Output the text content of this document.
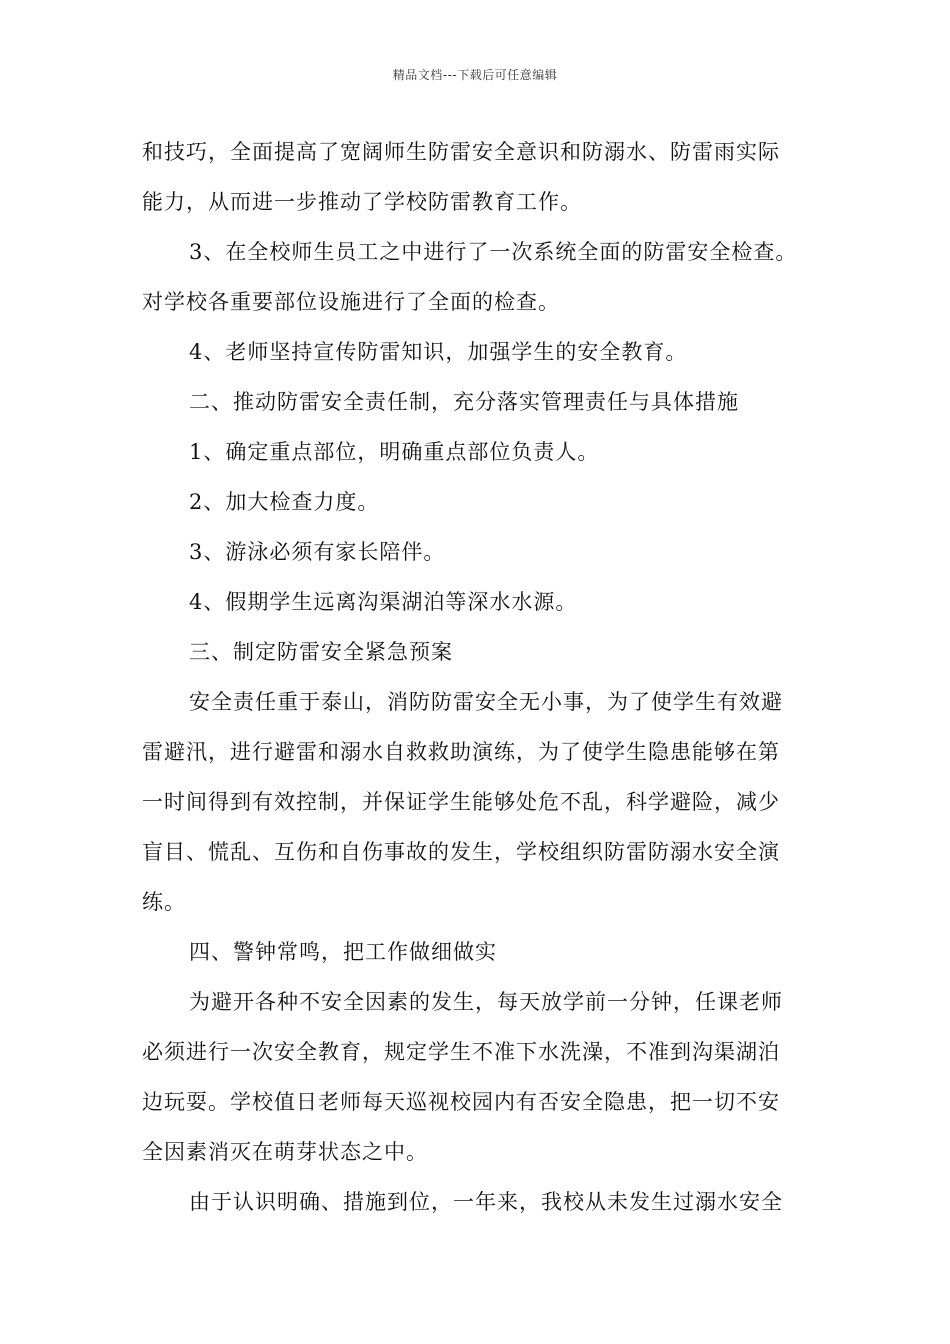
精品文档---下载后可任意编辑

和技巧，全面提高了宽阔师生防雷安全意识和防溺水、防雷雨实际

能力，从而进一步推动了学校防雷教育工作。

3、在全校师生员工之中进行了一次系统全面的防雷安全检查。

对学校各重要部位设施进行了全面的检查。

4、老师坚持宣传防雷知识，加强学生的安全教育。

二、推动防雷安全责任制，充分落实管理责任与具体措施

1、确定重点部位，明确重点部位负责人。

2、加大检查力度。

3、游泳必须有家长陪伴。

4、假期学生远离沟渠湖泊等深水水源。

三、制定防雷安全紧急预案

安全责任重于泰山，消防防雷安全无小事，为了使学生有效避

雷避汛，进行避雷和溺水自救救助演练，为了使学生隐患能够在第

一时间得到有效控制，并保证学生能够处危不乱，科学避险，减少

盲目、慌乱、互伤和自伤事故的发生，学校组织防雷防溺水安全演

练。

四、警钟常鸣，把工作做细做实

为避开各种不安全因素的发生，每天放学前一分钟，任课老师

必须进行一次安全教育，规定学生不准下水洗澡，不准到沟渠湖泊

边玩耍。学校值日老师每天巡视校园内有否安全隐患，把一切不安

全因素消灭在萌芽状态之中。

由于认识明确、措施到位，一年来，我校从未发生过溺水安全
